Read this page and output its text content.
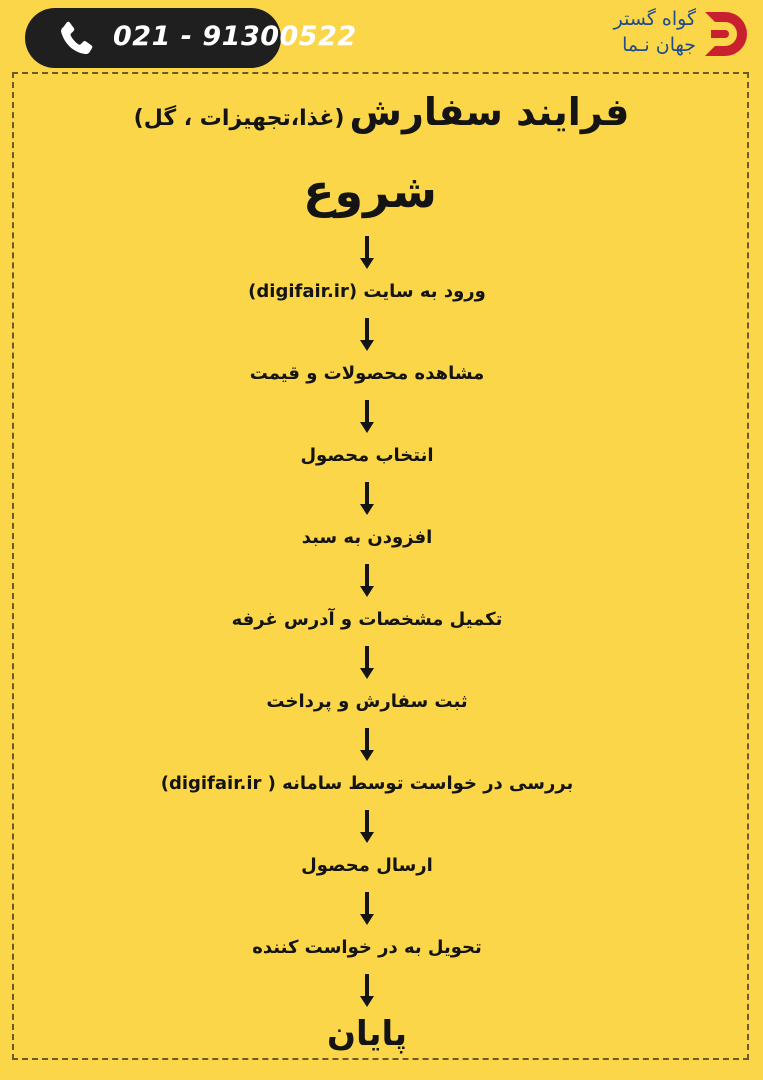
021 - 91300522
گواه گستر
جهان نـما
فرایند سفارش (غذا،تجهیزات ، گل)
شروع
ورود به سایت (digifair.ir)
مشاهده محصولات و قیمت
انتخاب محصول
افزودن به سبد
تکمیل مشخصات و آدرس غرفه
ثبت سفارش و پرداخت
بررسی در خواست توسط سامانه ( digifair.ir)
ارسال محصول
تحویل به در خواست کننده
پایان
